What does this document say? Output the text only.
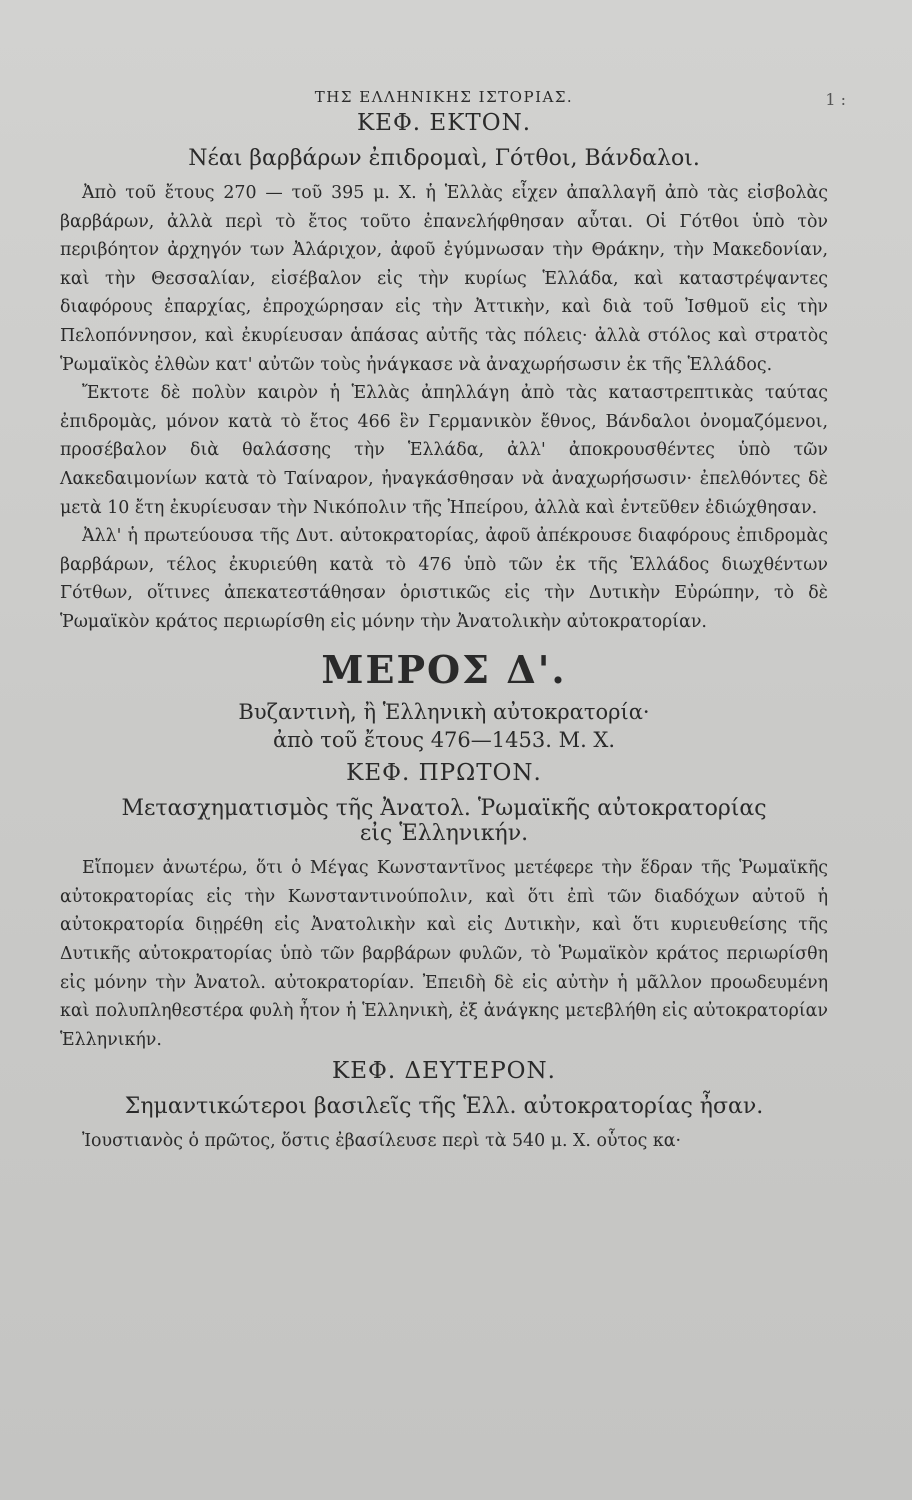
1 :
ΤΗΣ ΕΛΛΗΝΙΚΗΣ ΙΣΤΟΡΙΑΣ.
ΚΕΦ. ΕΚΤΟΝ.
Νέαι βαρβάρων ἐπιδρομαὶ, Γότθοι, Βάνδαλοι.

Ἀπὸ τοῦ ἔτους 270 — τοῦ 395 μ. Χ. ἡ Ἑλλὰς εἶχεν ἀπαλλαγῆ ἀπὸ τὰς εἰσβολὰς βαρβάρων, ἀλλὰ περὶ τὸ ἔτος τοῦτο ἐπανελήφθησαν αὗται. Οἱ Γότθοι ὑπὸ τὸν περιβόητον ἀρχηγόν των Ἀλάριχον, ἀφοῦ ἐγύμνωσαν τὴν Θράκην, τὴν Μακεδονίαν, καὶ τὴν Θεσσαλίαν, εἰσέβαλον εἰς τὴν κυρίως Ἑλλάδα, καὶ καταστρέψαντες διαφόρους ἐπαρχίας, ἐπροχώρησαν εἰς τὴν Ἀττικὴν, καὶ διὰ τοῦ Ἰσθμοῦ εἰς τὴν Πελοπόννησον, καὶ ἐκυρίευσαν ἁπάσας αὐτῆς τὰς πόλεις· ἀλλὰ στόλος καὶ στρατὸς Ῥωμαϊκὸς ἐλθὼν κατ' αὐτῶν τοὺς ἠνάγκασε νὰ ἀναχωρήσωσιν ἐκ τῆς Ἑλλάδος.

Ἔκτοτε δὲ πολὺν καιρὸν ἡ Ἑλλὰς ἀπηλλάγη ἀπὸ τὰς καταστρεπτικὰς ταύτας ἐπιδρομὰς, μόνον κατὰ τὸ ἔτος 466 ἓν Γερμανικὸν ἔθνος, Βάνδαλοι ὀνομαζόμενοι, προσέβαλον διὰ θαλάσσης τὴν Ἑλλάδα, ἀλλ' ἀποκρουσθέντες ὑπὸ τῶν Λακεδαιμονίων κατὰ τὸ Ταίναρον, ἠναγκάσθησαν νὰ ἀναχωρήσωσιν· ἐπελθόντες δὲ μετὰ 10 ἔτη ἐκυρίευσαν τὴν Νικόπολιν τῆς Ἠπείρου, ἀλλὰ καὶ ἐντεῦθεν ἐδιώχθησαν.

Ἀλλ' ἡ πρωτεύουσα τῆς Δυτ. αὐτοκρατορίας, ἀφοῦ ἀπέκρουσε διαφόρους ἐπιδρομὰς βαρβάρων, τέλος ἐκυριεύθη κατὰ τὸ 476 ὑπὸ τῶν ἐκ τῆς Ἑλλάδος διωχθέντων Γότθων, οἵτινες ἀπεκατεστάθησαν ὁριστικῶς εἰς τὴν Δυτικὴν Εὐρώπην, τὸ δὲ Ῥωμαϊκὸν κράτος περιωρίσθη εἰς μόνην τὴν Ἀνατολικὴν αὐτοκρατορίαν.

ΜΕΡΟΣ Δ'.
Βυζαντινὴ, ἢ Ἑλληνικὴ αὐτοκρατορία·
ἀπὸ τοῦ ἔτους 476—1453. Μ. Χ.
ΚΕΦ. ΠΡΩΤΟΝ.
Μετασχηματισμὸς τῆς Ἀνατολ. Ῥωμαϊκῆς αὐτοκρατορίας
εἰς Ἑλληνικήν.

Εἴπομεν ἀνωτέρω, ὅτι ὁ Μέγας Κωνσταντῖνος μετέφερε τὴν ἕδραν τῆς Ῥωμαϊκῆς αὐτοκρατορίας εἰς τὴν Κωνσταντινούπολιν, καὶ ὅτι ἐπὶ τῶν διαδόχων αὐτοῦ ἡ αὐτοκρατορία διῃρέθη εἰς Ἀνατολικὴν καὶ εἰς Δυτικὴν, καὶ ὅτι κυριευθείσης τῆς Δυτικῆς αὐτοκρατορίας ὑπὸ τῶν βαρβάρων φυλῶν, τὸ Ῥωμαϊκὸν κράτος περιωρίσθη εἰς μόνην τὴν Ἀνατολ. αὐτοκρατορίαν. Ἐπειδὴ δὲ εἰς αὐτὴν ἡ μᾶλλον προωδευμένη καὶ πολυπληθεστέρα φυλὴ ἦτον ἡ Ἑλληνικὴ, ἐξ ἀνάγκης μετεβλήθη εἰς αὐτοκρατορίαν Ἑλληνικήν.

ΚΕΦ. ΔΕΥΤΕΡΟΝ.
Σημαντικώτεροι βασιλεῖς τῆς Ἑλλ. αὐτοκρατορίας ἦσαν.

Ἰουστιανὸς ὁ πρῶτος, ὅστις ἐβασίλευσε περὶ τὰ 540 μ. Χ. οὗτος κα·
